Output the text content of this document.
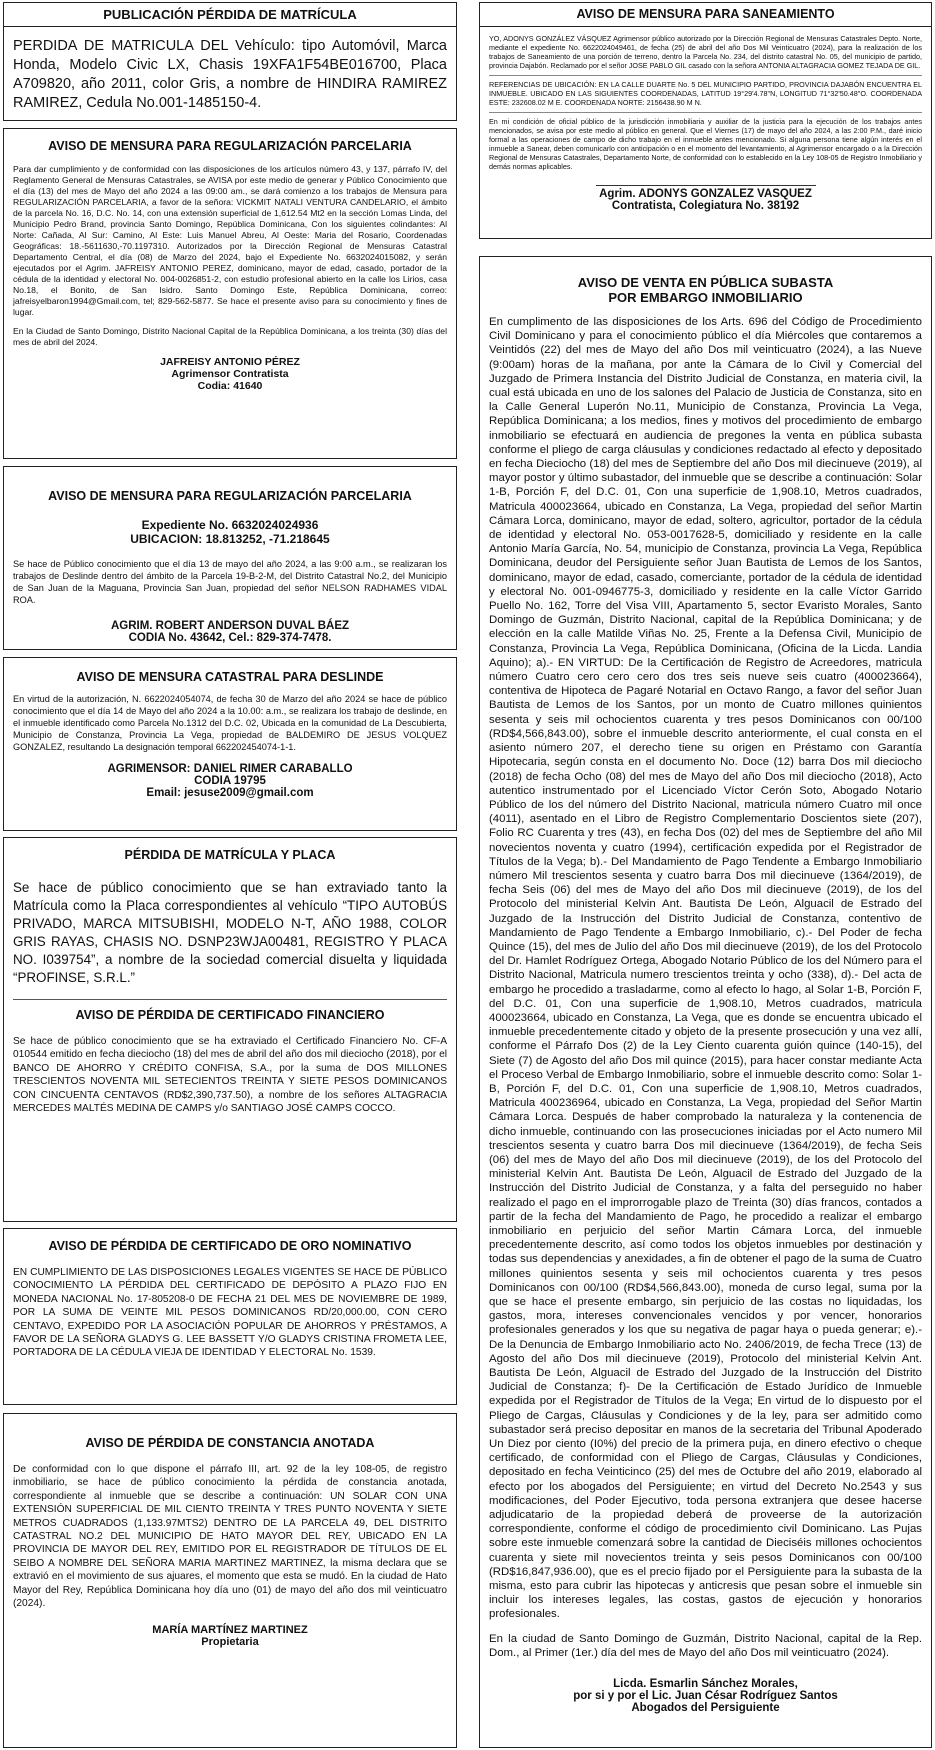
PUBLICACIÓN PÉRDIDA DE MATRÍCULA

PERDIDA DE MATRICULA DEL Vehículo: tipo Automóvil, Marca Honda, Modelo Civic LX, Chasis 19XFA1F54BE016700, Placa A709820, año 2011, color Gris, a nombre de HINDIRA RAMIREZ RAMIREZ, Cedula No.001-1485150-4.

AVISO DE MENSURA PARA REGULARIZACIÓN PARCELARIA

Para dar cumplimiento y de conformidad con las disposiciones de los artículos número 43, y 137, párrafo IV, del Reglamento General de Mensuras Catastrales, se AVISA por este medio de generar y Público Conocimiento que el día (13) del mes de Mayo del año 2024 a las 09:00 am., se dará comienzo a los trabajos de Mensura para REGULARIZACIÓN PARCELARIA, a favor de la señora: VICKMIT NATALI VENTURA CANDELARIO, el ámbito de la parcela No. 16, D.C. No. 14, con una extensión superficial de 1,612.54 Mt2 en la sección Lomas Linda, del Municipio Pedro Brand, provincia Santo Domingo, República Dominicana, Con los siguientes colindantes: Al Norte: Cañada, Al Sur: Camino, Al Este: Luis Manuel Abreu, Al Oeste: Maria del Rosario, Coordenadas Geográficas: 18.-5611630,-70.1197310. Autorizados por la Dirección Regional de Mensuras Catastral Departamento Central, el día (08) de Marzo del 2024, bajo el Expediente No. 6632024015082, y serán ejecutados por el Agrim. JAFREISY ANTONIO PEREZ, dominicano, mayor de edad, casado, portador de la cédula de la identidad y electoral No. 004-0026851-2, con estudio profesional abierto en la calle los Lirios, casa No.18, el Bonito, de San Isidro. Santo Domingo Este, República Dominicana, correo: jafreisyelbaron1994@Gmail.com, tel; 829-562-5877. Se hace el presente aviso para su conocimiento y fines de lugar.

En la Ciudad de Santo Domingo, Distrito Nacional Capital de la República Dominicana, a los treinta (30) días del mes de abril del 2024.

JAFREISY ANTONIO PÉREZ

Agrimensor Contratista

Codia: 41640

AVISO DE MENSURA PARA REGULARIZACIÓN PARCELARIA

Expediente No. 6632024024936

UBICACION: 18.813252, -71.218645

Se hace de Público conocimiento que el día 13 de mayo del año 2024, a las 9:00 a.m., se realizaran los trabajos de Deslinde dentro del ámbito de la Parcela 19-B-2-M, del Distrito Catastral No.2, del Municipio de San Juan de la Maguana, Provincia San Juan, propiedad del señor NELSON RADHAMES VIDAL ROA.

AGRIM. ROBERT ANDERSON DUVAL BÁEZ

CODIA No. 43642, Cel.: 829-374-7478.

AVISO DE MENSURA CATASTRAL PARA DESLINDE

En virtud de la autorización, N. 6622024054074, de fecha 30 de Marzo del año 2024 se hace de público conocimiento que el día 14 de Mayo del año 2024 a la 10.00: a.m., se realizara los trabajo de deslinde, en el inmueble identificado como Parcela No.1312 del D.C. 02, Ubicada en la comunidad de La Descubierta, Municipio de Constanza, Provincia La Vega, propiedad de BALDEMIRO DE JESUS VOLQUEZ GONZALEZ, resultando La designación temporal 662202454074-1-1.

AGRIMENSOR: DANIEL RIMER CARABALLO

CODIA 19795

Email: jesuse2009@gmail.com

PÉRDIDA DE MATRÍCULA Y PLACA

Se hace de público conocimiento que se han extraviado tanto la Matrícula como la Placa correspondientes al vehículo “TIPO AUTOBÚS PRIVADO, MARCA MITSUBISHI, MODELO N-T, AÑO 1988, COLOR GRIS RAYAS, CHASIS NO. DSNP23WJA00481, REGISTRO Y PLACA NO. I039754”, a nombre de la sociedad comercial disuelta y liquidada “PROFINSE, S.R.L.”

AVISO DE PÉRDIDA DE CERTIFICADO FINANCIERO

Se hace de público conocimiento que se ha extraviado el Certificado Financiero No. CF-A 010544 emitido en fecha dieciocho (18) del mes de abril del año dos mil dieciocho (2018), por el BANCO DE AHORRO Y CRÉDITO CONFISA, S.A., por la suma de DOS MILLONES TRESCIENTOS NOVENTA MIL SETECIENTOS TREINTA Y SIETE PESOS DOMINICANOS CON CINCUENTA CENTAVOS (RD$2,390,737.50), a nombre de los señores ALTAGRACIA MERCEDES MALTÉS MEDINA DE CAMPS y/o SANTIAGO JOSÉ CAMPS COCCO.

AVISO DE PÉRDIDA DE CERTIFICADO DE ORO NOMINATIVO

EN CUMPLIMIENTO DE LAS DISPOSICIONES LEGALES VIGENTES SE HACE DE PÚBLICO CONOCIMIENTO LA PÉRDIDA DEL CERTIFICADO DE DEPÓSITO A PLAZO FIJO EN MONEDA NACIONAL No. 17-805208-0 DE FECHA 21 DEL MES DE NOVIEMBRE DE 1989, POR LA SUMA DE VEINTE MIL PESOS DOMINICANOS RD/20,000.00, CON CERO CENTAVO, EXPEDIDO POR LA ASOCIACIÓN POPULAR DE AHORROS Y PRÉSTAMOS, A FAVOR DE LA SEÑORA GLADYS G. LEE BASSETT Y/O GLADYS CRISTINA FROMETA LEE, PORTADORA DE LA CÉDULA VIEJA DE IDENTIDAD Y ELECTORAL No. 1539.

AVISO DE PÉRDIDA DE CONSTANCIA ANOTADA

De conformidad con lo que dispone el párrafo III, art. 92 de la ley 108-05, de registro inmobiliario, se hace de público conocimiento la pérdida de constancia anotada, correspondiente al inmueble que se describe a continuación: UN SOLAR CON UNA EXTENSIÓN SUPERFICIAL DE MIL CIENTO TREINTA Y TRES PUNTO NOVENTA Y SIETE METROS CUADRADOS (1,133.97MTS2) DENTRO DE LA PARCELA 49, DEL DISTRITO CATASTRAL NO.2 DEL MUNICIPIO DE HATO MAYOR DEL REY, UBICADO EN LA PROVINCIA DE MAYOR DEL REY, EMITIDO POR EL REGISTRADOR DE TÍTULOS DE EL SEIBO A NOMBRE DEL SEÑORA MARIA MARTINEZ MARTINEZ, la misma declara que se extravió en el movimiento de sus ajuares, el momento que esta se mudó. En la ciudad de Hato Mayor del Rey, República Dominicana hoy día uno (01) de mayo del año dos mil veinticuatro (2024).

MARÍA MARTÍNEZ MARTINEZ

Propietaria

AVISO DE MENSURA PARA SANEAMIENTO

YO, ADONYS GONZÁLEZ VÁSQUEZ Agrimensor público autorizado por la Dirección Regional de Mensuras Catastrales Depto. Norte, mediante el expediente No. 6622024049461, de fecha (25) de abril del año Dos Mil Veinticuatro (2024), para la realización de los trabajos de Saneamiento de una porción de terreno, dentro la Parcela No. 234, del distrito catastral No. 05, del municipio de partido, provincia Dajabón. Reclamado por el señor JOSE PABLO GIL casado con la señora ANTONIA ALTAGRACIA GOMEZ TEJADA DE GIL.

REFERENCIAS DE UBICACIÓN: EN LA CALLE DUARTE No. 5 DEL MUNICIPIO PARTIDO, PROVINCIA DAJABÓN ENCUENTRA EL INMUEBLE. UBICADO EN LAS SIGUIENTES COORDENADAS, LATITUD 19°29'4.78"N, LONGITUD 71°32'50.48"O. COORDENADA ESTE: 232608.02 M E. COORDENADA NORTE: 2156438.90 M N.

En mi condición de oficial público de la jurisdicción inmobiliaria y auxiliar de la justicia para la ejecución de los trabajos antes mencionados, se avisa por este medio al público en general. Que el Viernes (17) de mayo del año 2024, a las 2:00 P.M., daré inicio formal a las operaciones de campo de dicho trabajo en el inmueble antes mencionado. Si alguna persona tiene algún interés en el inmueble a Sanear, deben comunicarlo con anticipación o en el momento del levantamiento, al Agrimensor encargado o a la Dirección Regional de Mensuras Catastrales, Departamento Norte, de conformidad con lo establecido en la Ley 108-05 de Registro Inmobiliario y demás normas aplicables.

Agrim. ADONYS GONZALEZ VASQUEZ

Contratista, Colegiatura No. 38192

AVISO DE VENTA EN PÚBLICA SUBASTA
POR EMBARGO INMOBILIARIO

En cumplimento de las disposiciones de los Arts. 696 del Código de Procedimiento Civil Dominicano y para el conocimiento público el día Miércoles que contaremos a Veintidós (22) del mes de Mayo del año Dos mil veinticuatro (2024), a las Nueve (9:00am) horas de la mañana, por ante la Cámara de lo Civil y Comercial del Juzgado de Primera Instancia del Distrito Judicial de Constanza, en materia civil, la cual está ubicada en uno de los salones del Palacio de Justicia de Constanza, sito en la Calle General Luperón No.11, Municipio de Constanza, Provincia La Vega, República Dominicana; a los medios, fines y motivos del procedimiento de embargo inmobiliario se efectuará en audiencia de pregones la venta en pública subasta conforme el pliego de carga cláusulas y condiciones redactado al efecto y depositado en fecha Dieciocho (18) del mes de Septiembre del año Dos mil diecinueve (2019), al mayor postor y último subastador, del inmueble que se describe a continuación: Solar 1-B, Porción F, del D.C. 01, Con una superficie de 1,908.10, Metros cuadrados, Matricula 400023664, ubicado en Constanza, La Vega, propiedad del señor Martin Cámara Lorca, dominicano, mayor de edad, soltero, agricultor, portador de la cédula de identidad y electoral No. 053-0017628-5, domiciliado y residente en la calle Antonio María García, No. 54, municipio de Constanza, provincia La Vega, República Dominicana, deudor del Persiguiente señor Juan Bautista de Lemos de los Santos, dominicano, mayor de edad, casado, comerciante, portador de la cédula de identidad y electoral No. 001-0946775-3, domiciliado y residente en la calle Víctor Garrido Puello No. 162, Torre del Visa VIII, Apartamento 5, sector Evaristo Morales, Santo Domingo de Guzmán, Distrito Nacional, capital de la República Dominicana; y de elección en la calle Matilde Viñas No. 25, Frente a la Defensa Civil, Municipio de Constanza, Provincia La Vega, República Dominicana, (Oficina de la Licda. Landia Aquino); a).- EN VIRTUD: De la Certificación de Registro de Acreedores, matricula número Cuatro cero cero cero dos tres seis nueve seis cuatro (400023664), contentiva de Hipoteca de Pagaré Notarial en Octavo Rango, a favor del señor Juan Bautista de Lemos de los Santos, por un monto de Cuatro millones quinientos sesenta y seis mil ochocientos cuarenta y tres pesos Dominicanos con 00/100 (RD$4,566,843.00), sobre el inmueble descrito anteriormente, el cual consta en el asiento número 207, el derecho tiene su origen en Préstamo con Garantía Hipotecaria, según consta en el documento No. Doce (12) barra Dos mil dieciocho (2018) de fecha Ocho (08) del mes de Mayo del año Dos mil dieciocho (2018), Acto autentico instrumentado por el Licenciado Víctor Cerón Soto, Abogado Notario Público de los del número del Distrito Nacional, matricula número Cuatro mil once (4011), asentado en el Libro de Registro Complementario Doscientos siete (207), Folio RC Cuarenta y tres (43), en fecha Dos (02) del mes de Septiembre del año Mil novecientos noventa y cuatro (1994), certificación expedida por el Registrador de Títulos de la Vega; b).- Del Mandamiento de Pago Tendente a Embargo Inmobiliario número Mil trescientos sesenta y cuatro barra Dos mil diecinueve (1364/2019), de fecha Seis (06) del mes de Mayo del año Dos mil diecinueve (2019), de los del Protocolo del ministerial Kelvin Ant. Bautista De León, Alguacil de Estrado del Juzgado de la Instrucción del Distrito Judicial de Constanza, contentivo de Mandamiento de Pago Tendente a Embargo Inmobiliario, c).- Del Poder de fecha Quince (15), del mes de Julio del año Dos mil diecinueve (2019), de los del Protocolo del Dr. Hamlet Rodríguez Ortega, Abogado Notario Público de los del Número para el Distrito Nacional, Matricula numero trescientos treinta y ocho (338), d).- Del acta de embargo he procedido a trasladarme, como al efecto lo hago, al Solar 1-B, Porción F, del D.C. 01, Con una superficie de 1,908.10, Metros cuadrados, matricula 400023664, ubicado en Constanza, La Vega, que es donde se encuentra ubicado el inmueble precedentemente citado y objeto de la presente prosecución y una vez allí, conforme el Párrafo Dos (2) de la Ley Ciento cuarenta guión quince (140-15), del Siete (7) de Agosto del año Dos mil quince (2015), para hacer constar mediante Acta el Proceso Verbal de Embargo Inmobiliario, sobre el inmueble descrito como: Solar 1-B, Porción F, del D.C. 01, Con una superficie de 1,908.10, Metros cuadrados, Matricula 400236964, ubicado en Constanza, La Vega, propiedad del Señor Martin Cámara Lorca. Después de haber comprobado la naturaleza y la contenencia de dicho inmueble, continuando con las prosecuciones iniciadas por el Acto numero Mil trescientos sesenta y cuatro barra Dos mil diecinueve (1364/2019), de fecha Seis (06) del mes de Mayo del año Dos mil diecinueve (2019), de los del Protocolo del ministerial Kelvin Ant. Bautista De León, Alguacil de Estrado del Juzgado de la Instrucción del Distrito Judicial de Constanza, y a falta del perseguido no haber realizado el pago en el improrrogable plazo de Treinta (30) días francos, contados a partir de la fecha del Mandamiento de Pago, he procedido a realizar el embargo inmobiliario en perjuicio del señor Martin Cámara Lorca, del inmueble precedentemente descrito, así como todos los objetos inmuebles por destinación y todas sus dependencias y anexidades, a fin de obtener el pago de la suma de Cuatro millones quinientos sesenta y seis mil ochocientos cuarenta y tres pesos Dominicanos con 00/100 (RD$4,566,843.00), moneda de curso legal, suma por la que se hace el presente embargo, sin perjuicio de las costas no liquidadas, los gastos, mora, intereses convencionales vencidos y por vencer, honorarios profesionales generados y los que su negativa de pagar haya o pueda generar; e).- De la Denuncia de Embargo Inmobiliario acto No. 2406/2019, de fecha Trece (13) de Agosto del año Dos mil diecinueve (2019), Protocolo del ministerial Kelvin Ant. Bautista De León, Alguacil de Estrado del Juzgado de la Instrucción del Distrito Judicial de Constanza; f)- De la Certificación de Estado Jurídico de Inmueble expedida por el Registrador de Títulos de la Vega; En virtud de lo dispuesto por el Pliego de Cargas, Cláusulas y Condiciones y de la ley, para ser admitido como subastador será preciso depositar en manos de la secretaria del Tribunal Apoderado Un Diez por ciento (I0%) del precio de la primera puja, en dinero efectivo o cheque certificado, de conformidad con el Pliego de Cargas, Cláusulas y Condiciones, depositado en fecha Veinticinco (25) del mes de Octubre del año 2019, elaborado al efecto por los abogados del Persiguiente; en virtud del Decreto No.2543 y sus modificaciones, del Poder Ejecutivo, toda persona extranjera que desee hacerse adjudicatario de la propiedad deberá de proveerse de la autorización correspondiente, conforme el código de procedimiento civil Dominicano. Las Pujas sobre este inmueble comenzará sobre la cantidad de Dieciséis millones ochocientos cuarenta y siete mil novecientos treinta y seis pesos Dominicanos con 00/100 (RD$16,847,936.00), que es el precio fijado por el Persiguiente para la subasta de la misma, esto para cubrir las hipotecas y anticresis que pesan sobre el inmueble sin incluir los intereses legales, las costas, gastos de ejecución y honorarios profesionales.

En la ciudad de Santo Domingo de Guzmán, Distrito Nacional, capital de la Rep. Dom., al Primer (1er.) día del mes de Mayo del año Dos mil veinticuatro (2024).

Licda. Esmarlin Sánchez Morales,

por si y por el Lic. Juan César Rodríguez Santos

Abogados del Persiguiente
